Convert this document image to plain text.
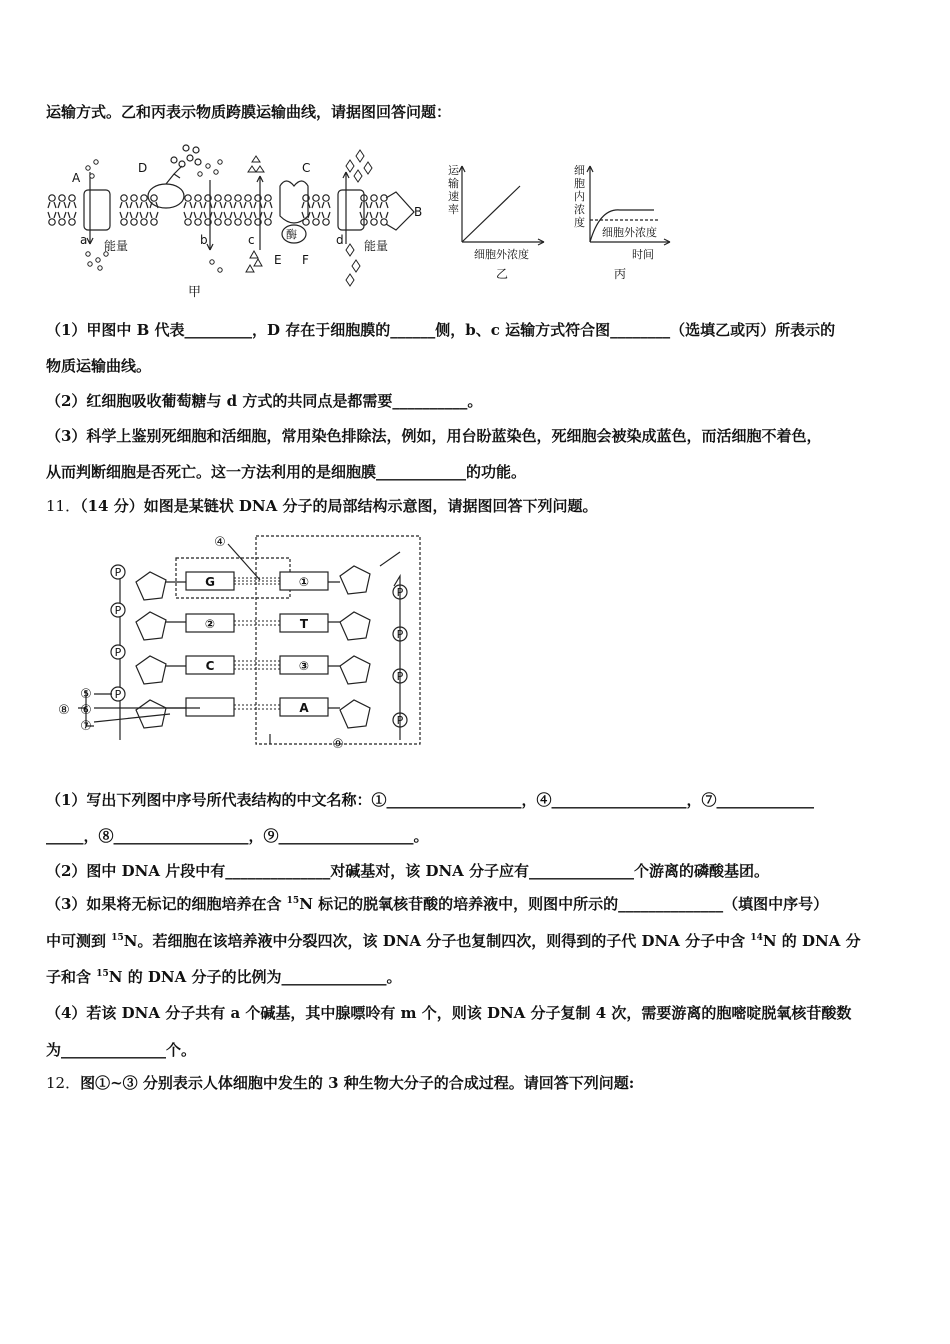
运输方式。乙和丙表示物质跨膜运输曲线，请据图回答问题：
A
D	C
B
a	b	c	d
能量	能量
酶
E F
甲
运输速率
细胞外浓度
乙
细胞内浓度
细胞外浓度
时间
丙
（1）甲图中 B 代表_________，D 存在于细胞膜的______侧，b、c 运输方式符合图________（选填乙或丙）所表示的
物质运输曲线。
（2）红细胞吸收葡萄糖与 d 方式的共同点是都需要__________。
（3）科学上鉴别死细胞和活细胞，常用染色排除法，例如，用台盼蓝染色，死细胞会被染成蓝色，而活细胞不着色，
从而判断细胞是否死亡。这一方法利用的是细胞膜____________的功能。
11．（14 分）如图是某链状 DNA 分子的局部结构示意图，请据图回答下列问题。
P
P
P
P
P
P
P
P
G
②
C
①
T
③
A
④
⑤
⑥
⑦
⑧
⑨
（1）写出下列图中序号所代表结构的中文名称：①__________________，④__________________，⑦_____________
_____，⑧__________________，⑨__________________。
（2）图中 DNA 片段中有______________对碱基对，该 DNA 分子应有______________个游离的磷酸基团。
（3）如果将无标记的细胞培养在含 $^{15}$N 标记的脱氧核苷酸的培养液中，则图中所示的______________（填图中序号）
中可测到 $^{15}$N。若细胞在该培养液中分裂四次，该 DNA 分子也复制四次，则得到的子代 DNA 分子中含 $^{14}$N 的 DNA 分
子和含 $^{15}$N 的 DNA 分子的比例为______________。
（4）若该 DNA 分子共有 a 个碱基，其中腺嘌呤有 m 个，则该 DNA 分子复制 4 次，需要游离的胞嘧啶脱氧核苷酸数
为______________个。
12．图①~③ 分别表示人体细胞中发生的 3 种生物大分子的合成过程。请回答下列问题:
